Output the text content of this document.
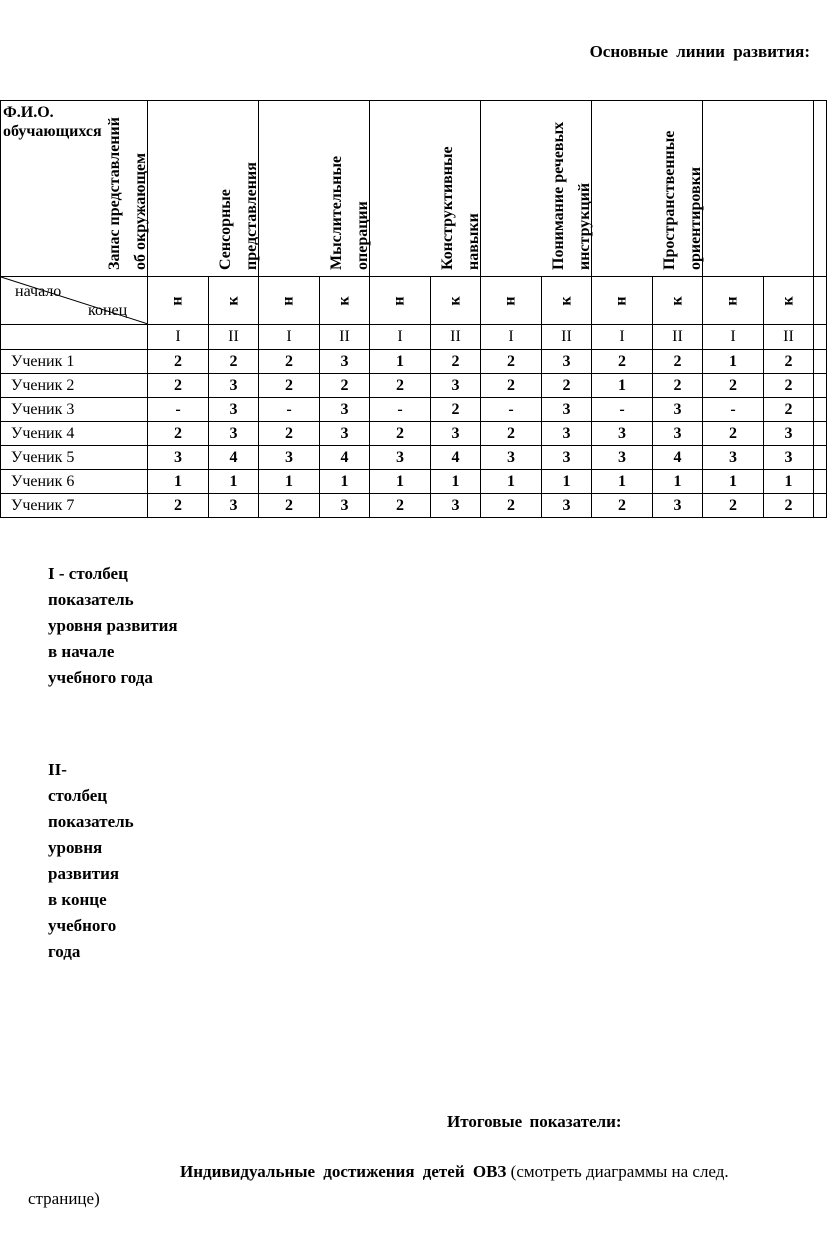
Основные линии развития:
Ф.И.О. обучающихся	Запас представлений об окружающем		Сенсорные представления		Мыслительные операции		Конструктивные навыки		Понимание речевых инструкций		Пространственные ориентировки		

начало
конец	н	к	н	к	н	к	н	к	н	к	н	к	
	I	II	I	II	I	II	I	II	I	II	I	II	
Ученик 1	2	2	2	3	1	2	2	3	2	2	1	2	
Ученик 2	2	3	2	2	2	3	2	2	1	2	2	2	
Ученик 3	-	3	-	3	-	2	-	3	-	3	-	2	
Ученик 4	2	3	2	3	2	3	2	3	3	3	2	3	
Ученик 5	3	4	3	4	3	4	3	3	3	4	3	3	
Ученик 6	1	1	1	1	1	1	1	1	1	1	1	1	
Ученик 7	2	3	2	3	2	3	2	3	2	3	2	2	
I - столбец показатель уровня развития в начале учебного года
II- столбец показатель уровня развития в конце учебного года
Итоговые показатели:
Индивидуальные достижения детей ОВЗ (смотреть диаграммы на след. странице)
